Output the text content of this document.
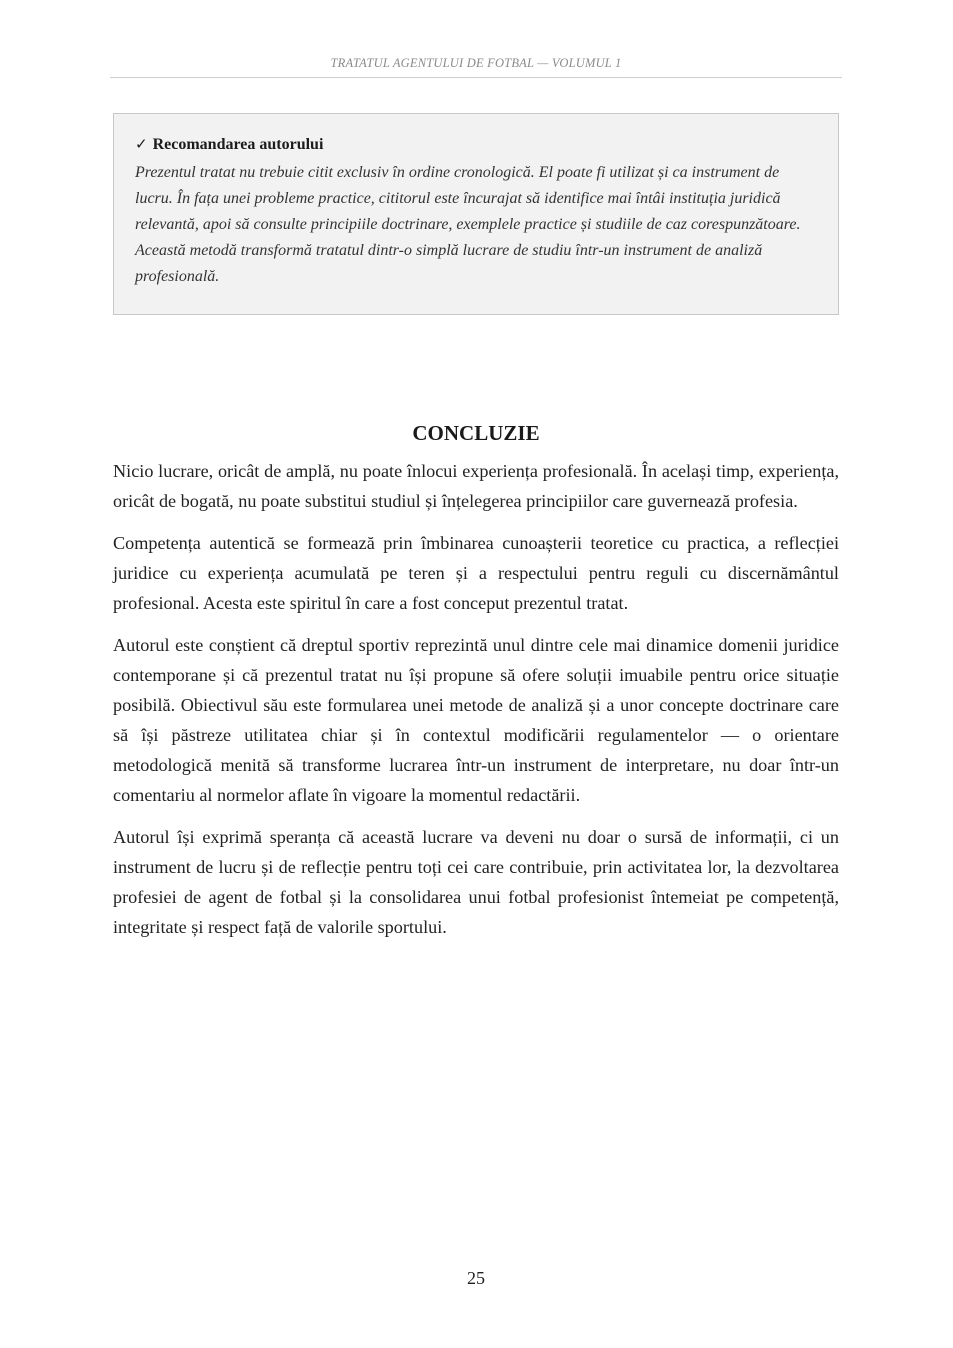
TRATATUL AGENTULUI DE FOTBAL — VOLUMUL 1
✓ Recomandarea autorului

Prezentul tratat nu trebuie citit exclusiv în ordine cronologică. El poate fi utilizat și ca instrument de lucru. În fața unei probleme practice, cititorul este încurajat să identifice mai întâi instituția juridică relevantă, apoi să consulte principiile doctrinare, exemplele practice și studiile de caz corespunzătoare. Această metodă transformă tratatul dintr-o simplă lucrare de studiu într-un instrument de analiză profesională.

CONCLUZIE

Nicio lucrare, oricât de amplă, nu poate înlocui experiența profesională. În același timp, experiența, oricât de bogată, nu poate substitui studiul și înțelegerea principiilor care guvernează profesia.

Competența autentică se formează prin îmbinarea cunoașterii teoretice cu practica, a reflecției juridice cu experiența acumulată pe teren și a respectului pentru reguli cu discernământul profesional. Acesta este spiritul în care a fost conceput prezentul tratat.

Autorul este conștient că dreptul sportiv reprezintă unul dintre cele mai dinamice domenii juridice contemporane și că prezentul tratat nu își propune să ofere soluții imuabile pentru orice situație posibilă. Obiectivul său este formularea unei metode de analiză și a unor concepte doctrinare care să își păstreze utilitatea chiar și în contextul modificării regulamentelor — o orientare metodologică menită să transforme lucrarea într-un instrument de interpretare, nu doar într-un comentariu al normelor aflate în vigoare la momentul redactării.

Autorul își exprimă speranța că această lucrare va deveni nu doar o sursă de informații, ci un instrument de lucru și de reflecție pentru toți cei care contribuie, prin activitatea lor, la dezvoltarea profesiei de agent de fotbal și la consolidarea unui fotbal profesionist întemeiat pe competență, integritate și respect față de valorile sportului.

25
